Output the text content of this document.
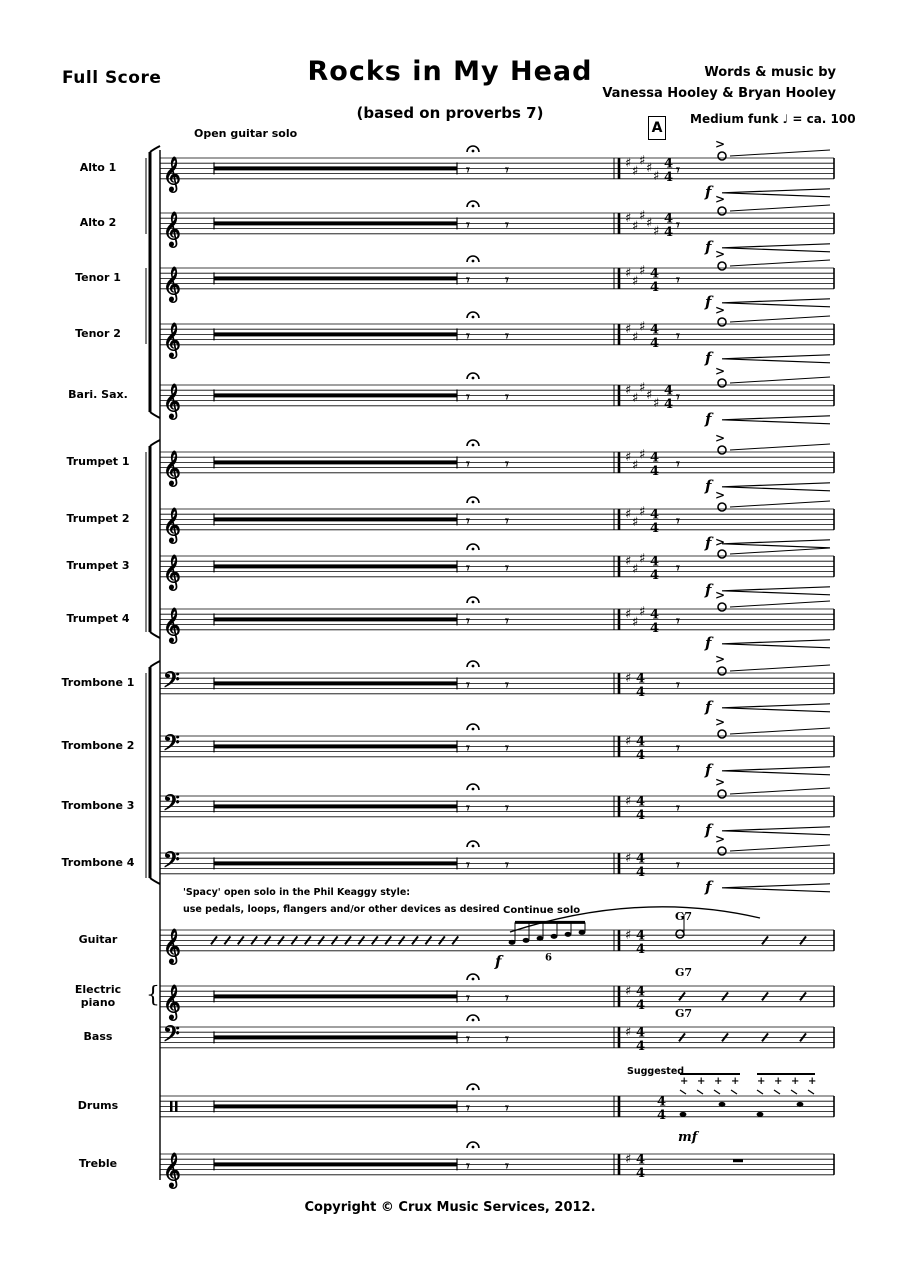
Full Score	Rocks in My Head
(based on proverbs 7)
Words & music by
Vanessa Hooley & Bryan Hooley
Medium funk ♩ = ca. 100
A
Open guitar solo
'Spacy' open solo in the Phil Keaggy style:
use pedals, loops, flangers and/or other devices as desired Continue solo
Suggested
Copyright © Crux Music Services, 2012.
Alto 1
Alto 2
Tenor 1
Tenor 2
Bari. Sax.
Trumpet 1
Trumpet 2
Trumpet 3
Trumpet 4
Trombone 1
Trombone 2
Trombone 3
Trombone 4
Guitar
Electric piano
Bass
Drums
Treble
𝄞	𝄾	𝄾	♯
♯
♯
♯
♯
4
4
𝄞	𝄾	𝄾	♯
♯
♯
♯
♯
4
4
𝄞	𝄾	𝄾	♯
♯
♯ 4
4
𝄞	𝄾	𝄾	♯
♯
♯ 4
4
𝄞	𝄾	𝄾	♯
♯
♯
♯
♯
4
4
𝄞	𝄾	𝄾	♯
♯
♯ 4
4
𝄞	𝄾	𝄾	♯
♯
♯ 4
4
𝄞	𝄾	𝄾	♯
♯
♯ 4
4
𝄞	𝄾	𝄾	♯
♯
♯ 4
4
𝄢	𝄾	𝄾	♯ 4
4
𝄢	𝄾	𝄾	♯ 4
4
𝄢	𝄾	𝄾	♯ 4
4
𝄢	𝄾	𝄾	♯ 4
4
𝄞	♯ 4
4
𝄞	𝄾	𝄾	♯ 4
4
𝄢	𝄾	𝄾	♯ 4
4
𝄾	𝄾	4
4
𝄞	𝄾	𝄾	♯ 4
4
𝄾
>
f
𝄾
>
f
𝄾
>
f
𝄾
>
f
𝄾
>
f
𝄾
>
f
𝄾
>
f
𝄾
>
f
𝄾
>
f
𝄾
>
f
𝄾
>
f
𝄾
>
f
𝄾
>
f
{
f	6
G7
G7
G7
+ + + + + + + +
mf
